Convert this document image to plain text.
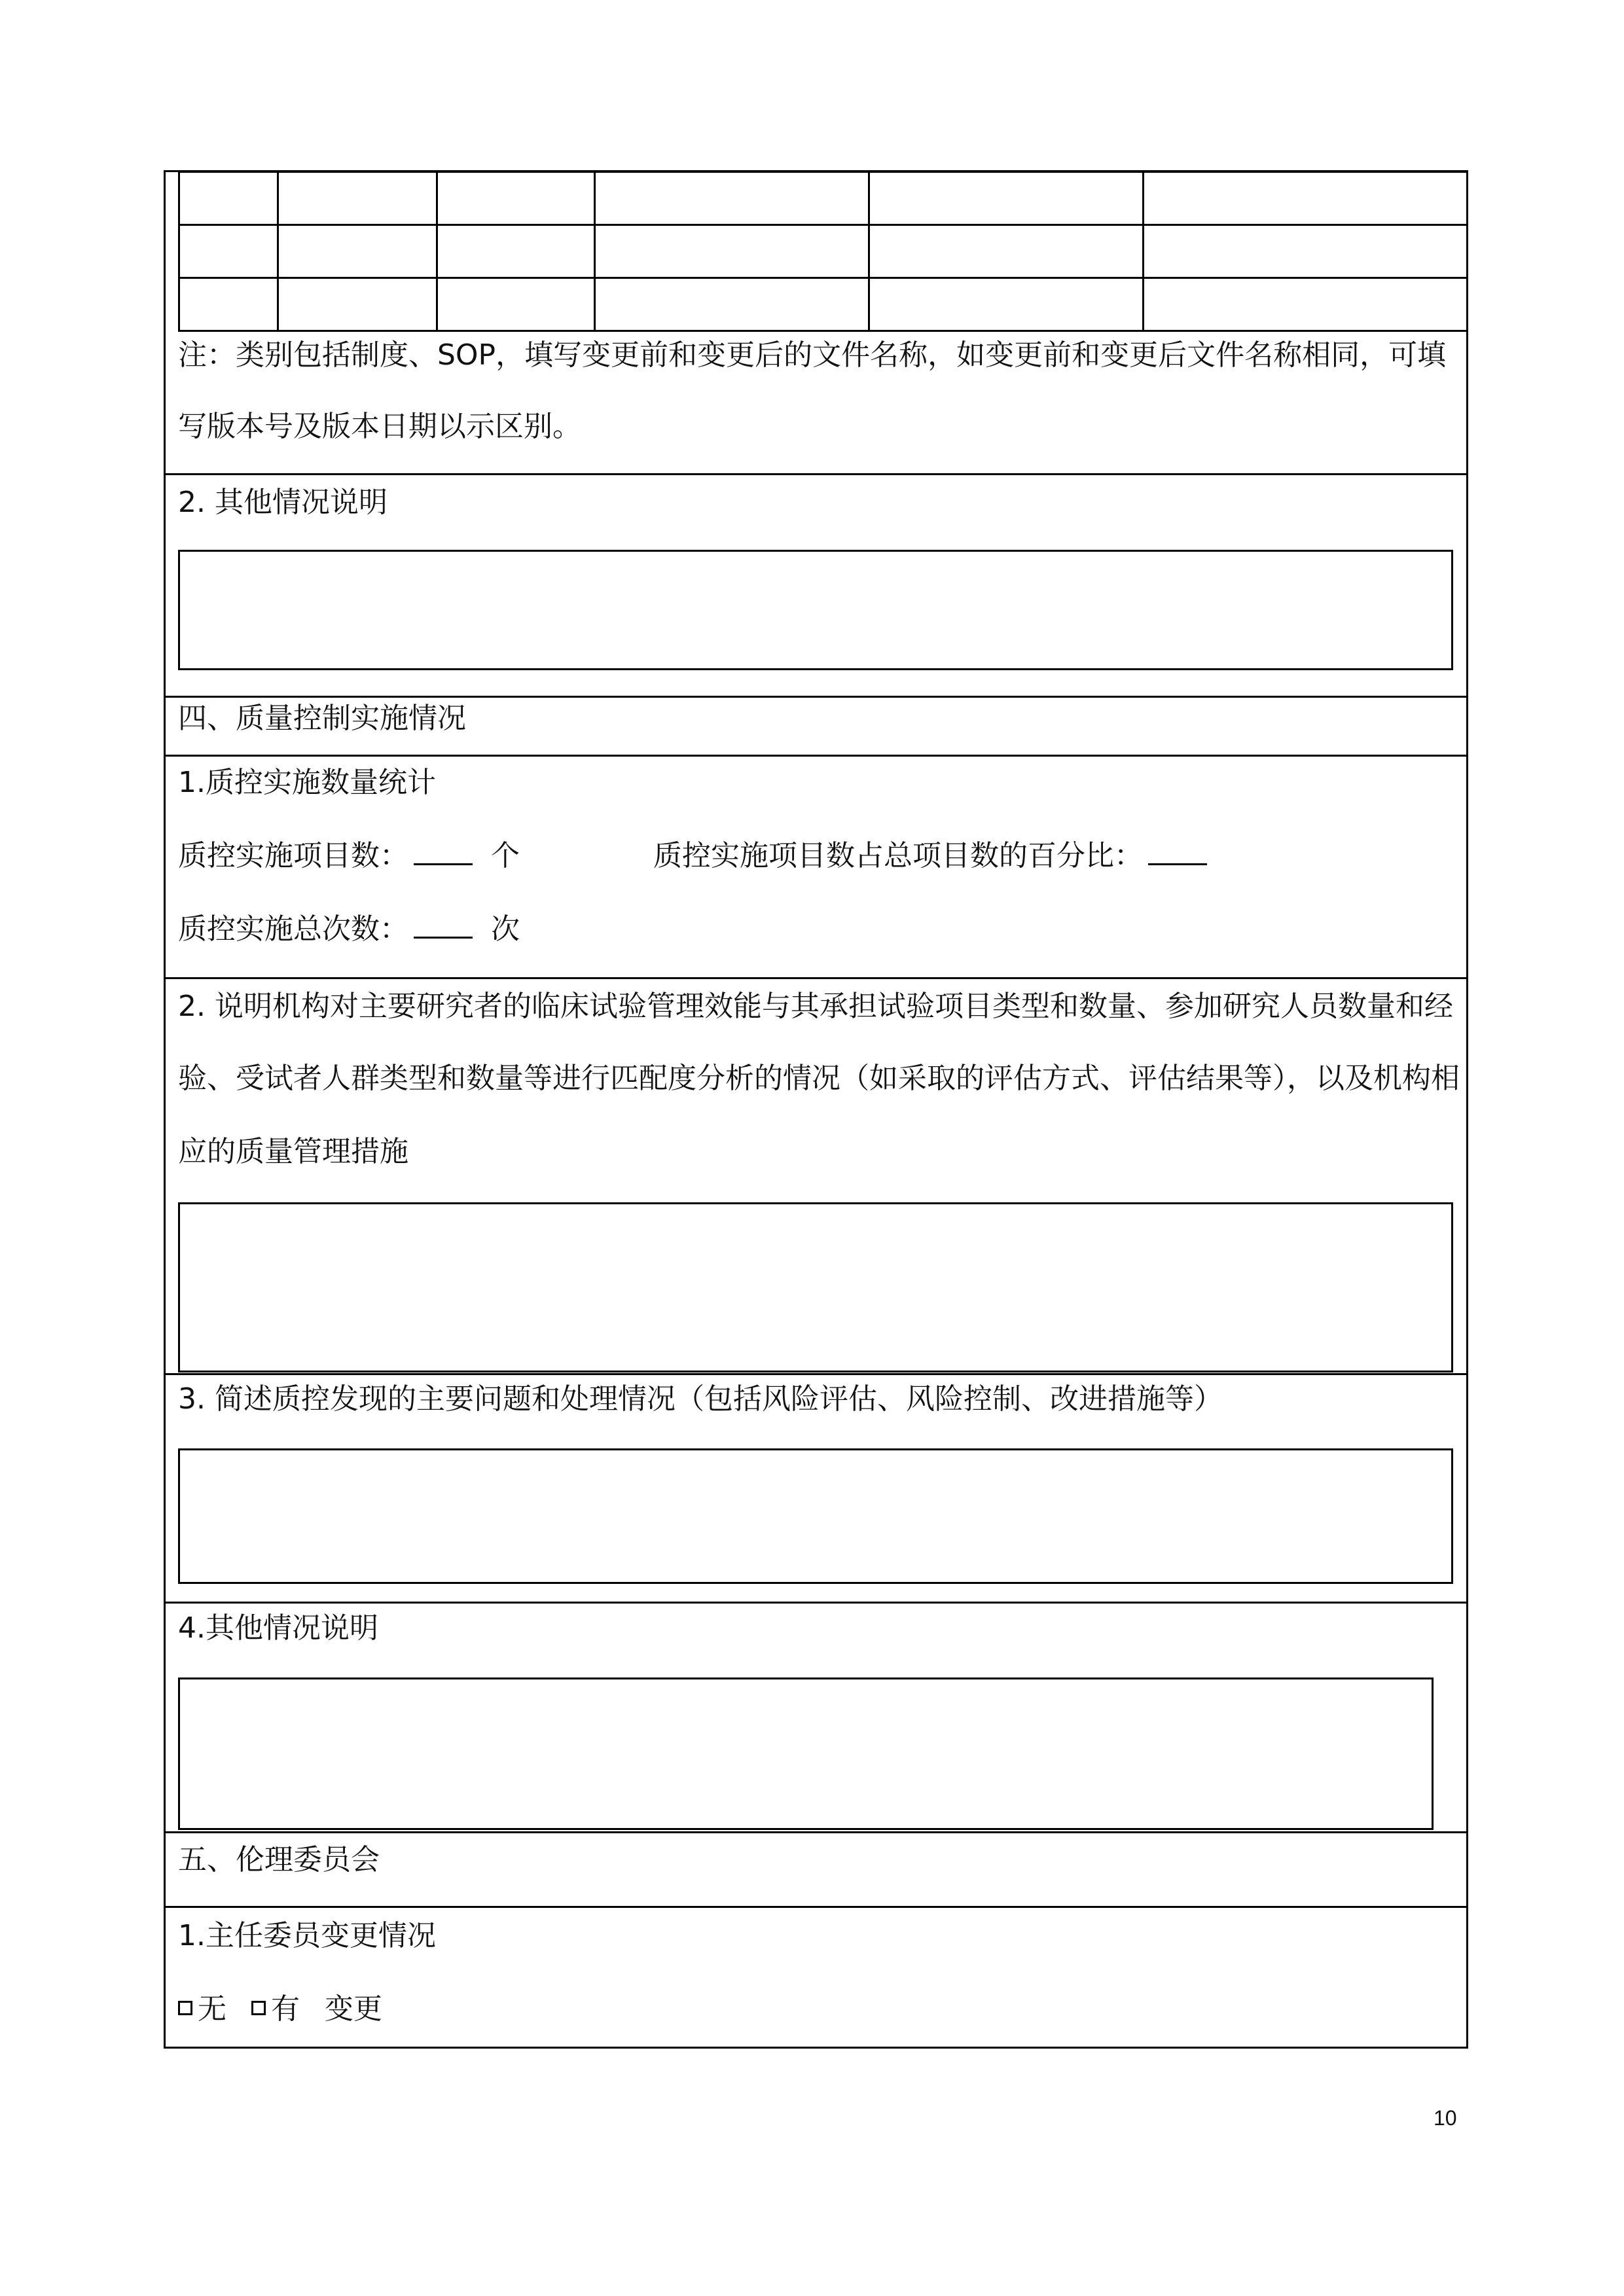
注：类别包括制度、SOP，填写变更前和变更后的文件名称，如变更前和变更后文件名称相同，可填
写版本号及版本日期以示区别。
2. 其他情况说明
四、质量控制实施情况
1.质控实施数量统计
质控实施项目数：	个	质控实施项目数占总项目数的百分比：
质控实施总次数：	次
2. 说明机构对主要研究者的临床试验管理效能与其承担试验项目类型和数量、参加研究人员数量和经
验、受试者人群类型和数量等进行匹配度分析的情况（如采取的评估方式、评估结果等），以及机构相
应的质量管理措施
3. 简述质控发现的主要问题和处理情况（包括风险评估、风险控制、改进措施等）
4.其他情况说明
五、伦理委员会
1.主任委员变更情况
无 有 变更
10
